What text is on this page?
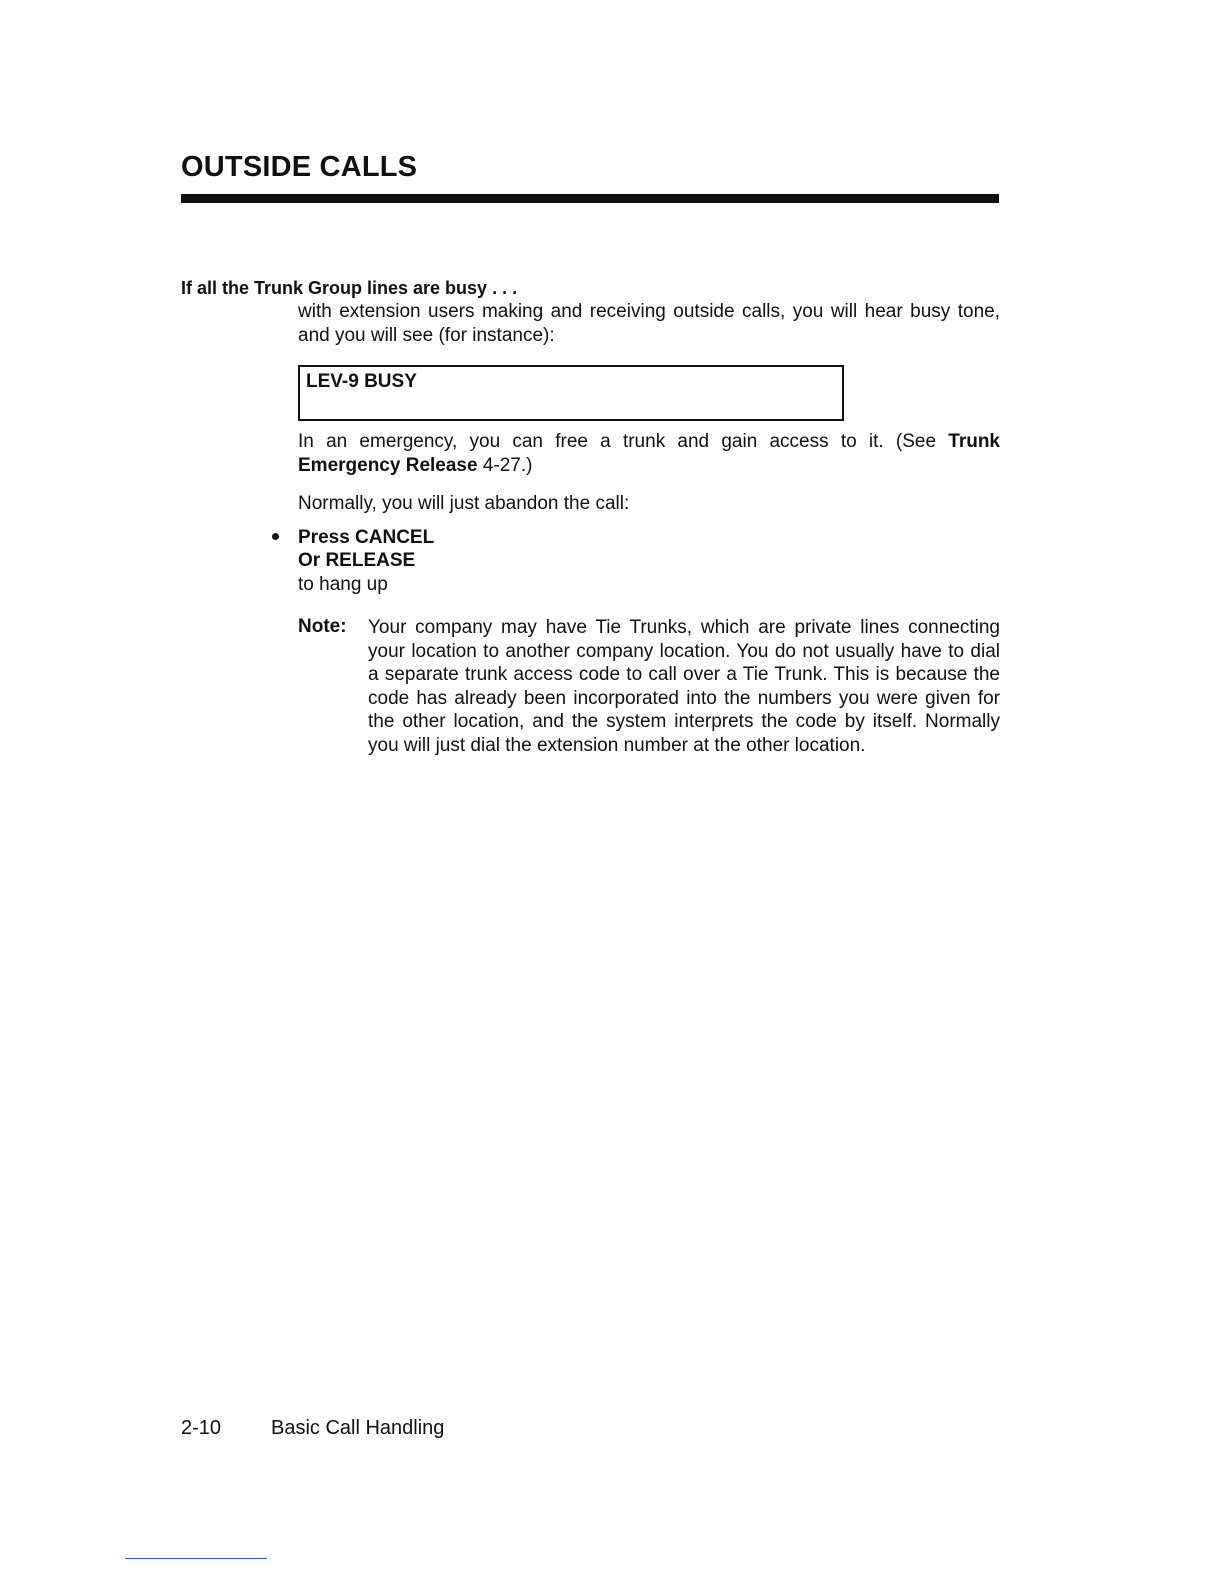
OUTSIDE CALLS
If all the Trunk Group lines are busy . . .
with extension users making and receiving outside calls, you will hear busy tone, and you will see (for instance):
LEV-9 BUSY
In an emergency, you can free a trunk and gain access to it. (See Trunk Emergency Release 4-27.)
Normally, you will just abandon the call:
Press CANCEL
Or RELEASE
to hang up
Note: Your company may have Tie Trunks, which are private lines connecting your location to another company location. You do not usually have to dial a separate trunk access code to call over a Tie Trunk. This is because the code has already been incorporated into the numbers you were given for the other location, and the system interprets the code by itself. Normally you will just dial the extension number at the other location.
2-10 Basic Call Handling
